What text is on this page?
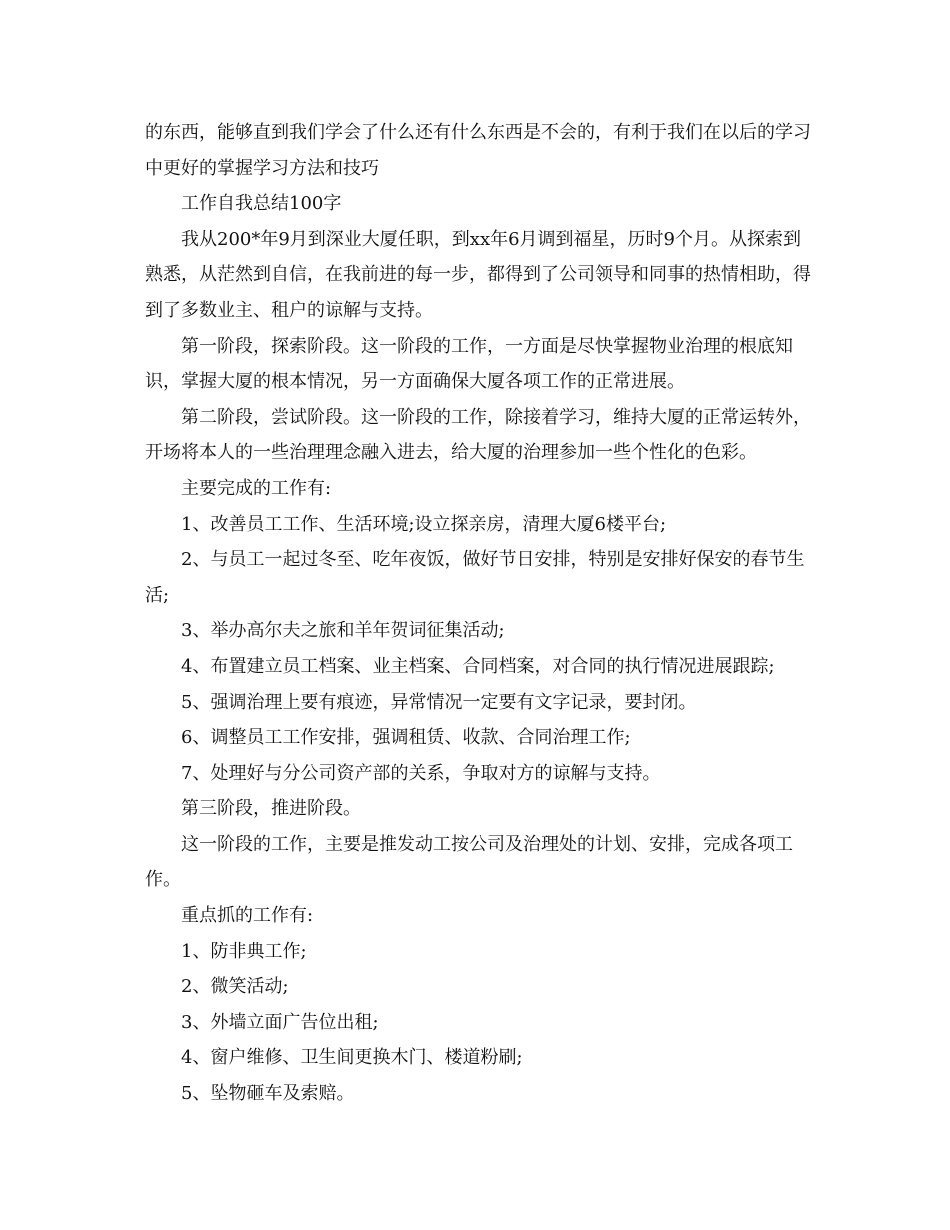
的东西，能够直到我们学会了什么还有什么东西是不会的，有利于我们在以后的学习中更好的掌握学习方法和技巧

工作自我总结100字

我从200*年9月到深业大厦任职，到xx年6月调到福星，历时9个月。从探索到熟悉，从茫然到自信，在我前进的每一步，都得到了公司领导和同事的热情相助，得到了多数业主、租户的谅解与支持。

第一阶段，探索阶段。这一阶段的工作，一方面是尽快掌握物业治理的根底知识，掌握大厦的根本情况，另一方面确保大厦各项工作的正常进展。

第二阶段，尝试阶段。这一阶段的工作，除接着学习，维持大厦的正常运转外，开场将本人的一些治理理念融入进去，给大厦的治理参加一些个性化的色彩。

主要完成的工作有:

1、改善员工工作、生活环境;设立探亲房，清理大厦6楼平台;

2、与员工一起过冬至、吃年夜饭，做好节日安排，特别是安排好保安的春节生活;

3、举办高尔夫之旅和羊年贺词征集活动;

4、布置建立员工档案、业主档案、合同档案，对合同的执行情况进展跟踪;

5、强调治理上要有痕迹，异常情况一定要有文字记录，要封闭。

6、调整员工工作安排，强调租赁、收款、合同治理工作;

7、处理好与分公司资产部的关系，争取对方的谅解与支持。

第三阶段，推进阶段。

这一阶段的工作，主要是推发动工按公司及治理处的计划、安排，完成各项工作。

重点抓的工作有:

1、防非典工作;

2、微笑活动;

3、外墙立面广告位出租;

4、窗户维修、卫生间更换木门、楼道粉刷;

5、坠物砸车及索赔。
